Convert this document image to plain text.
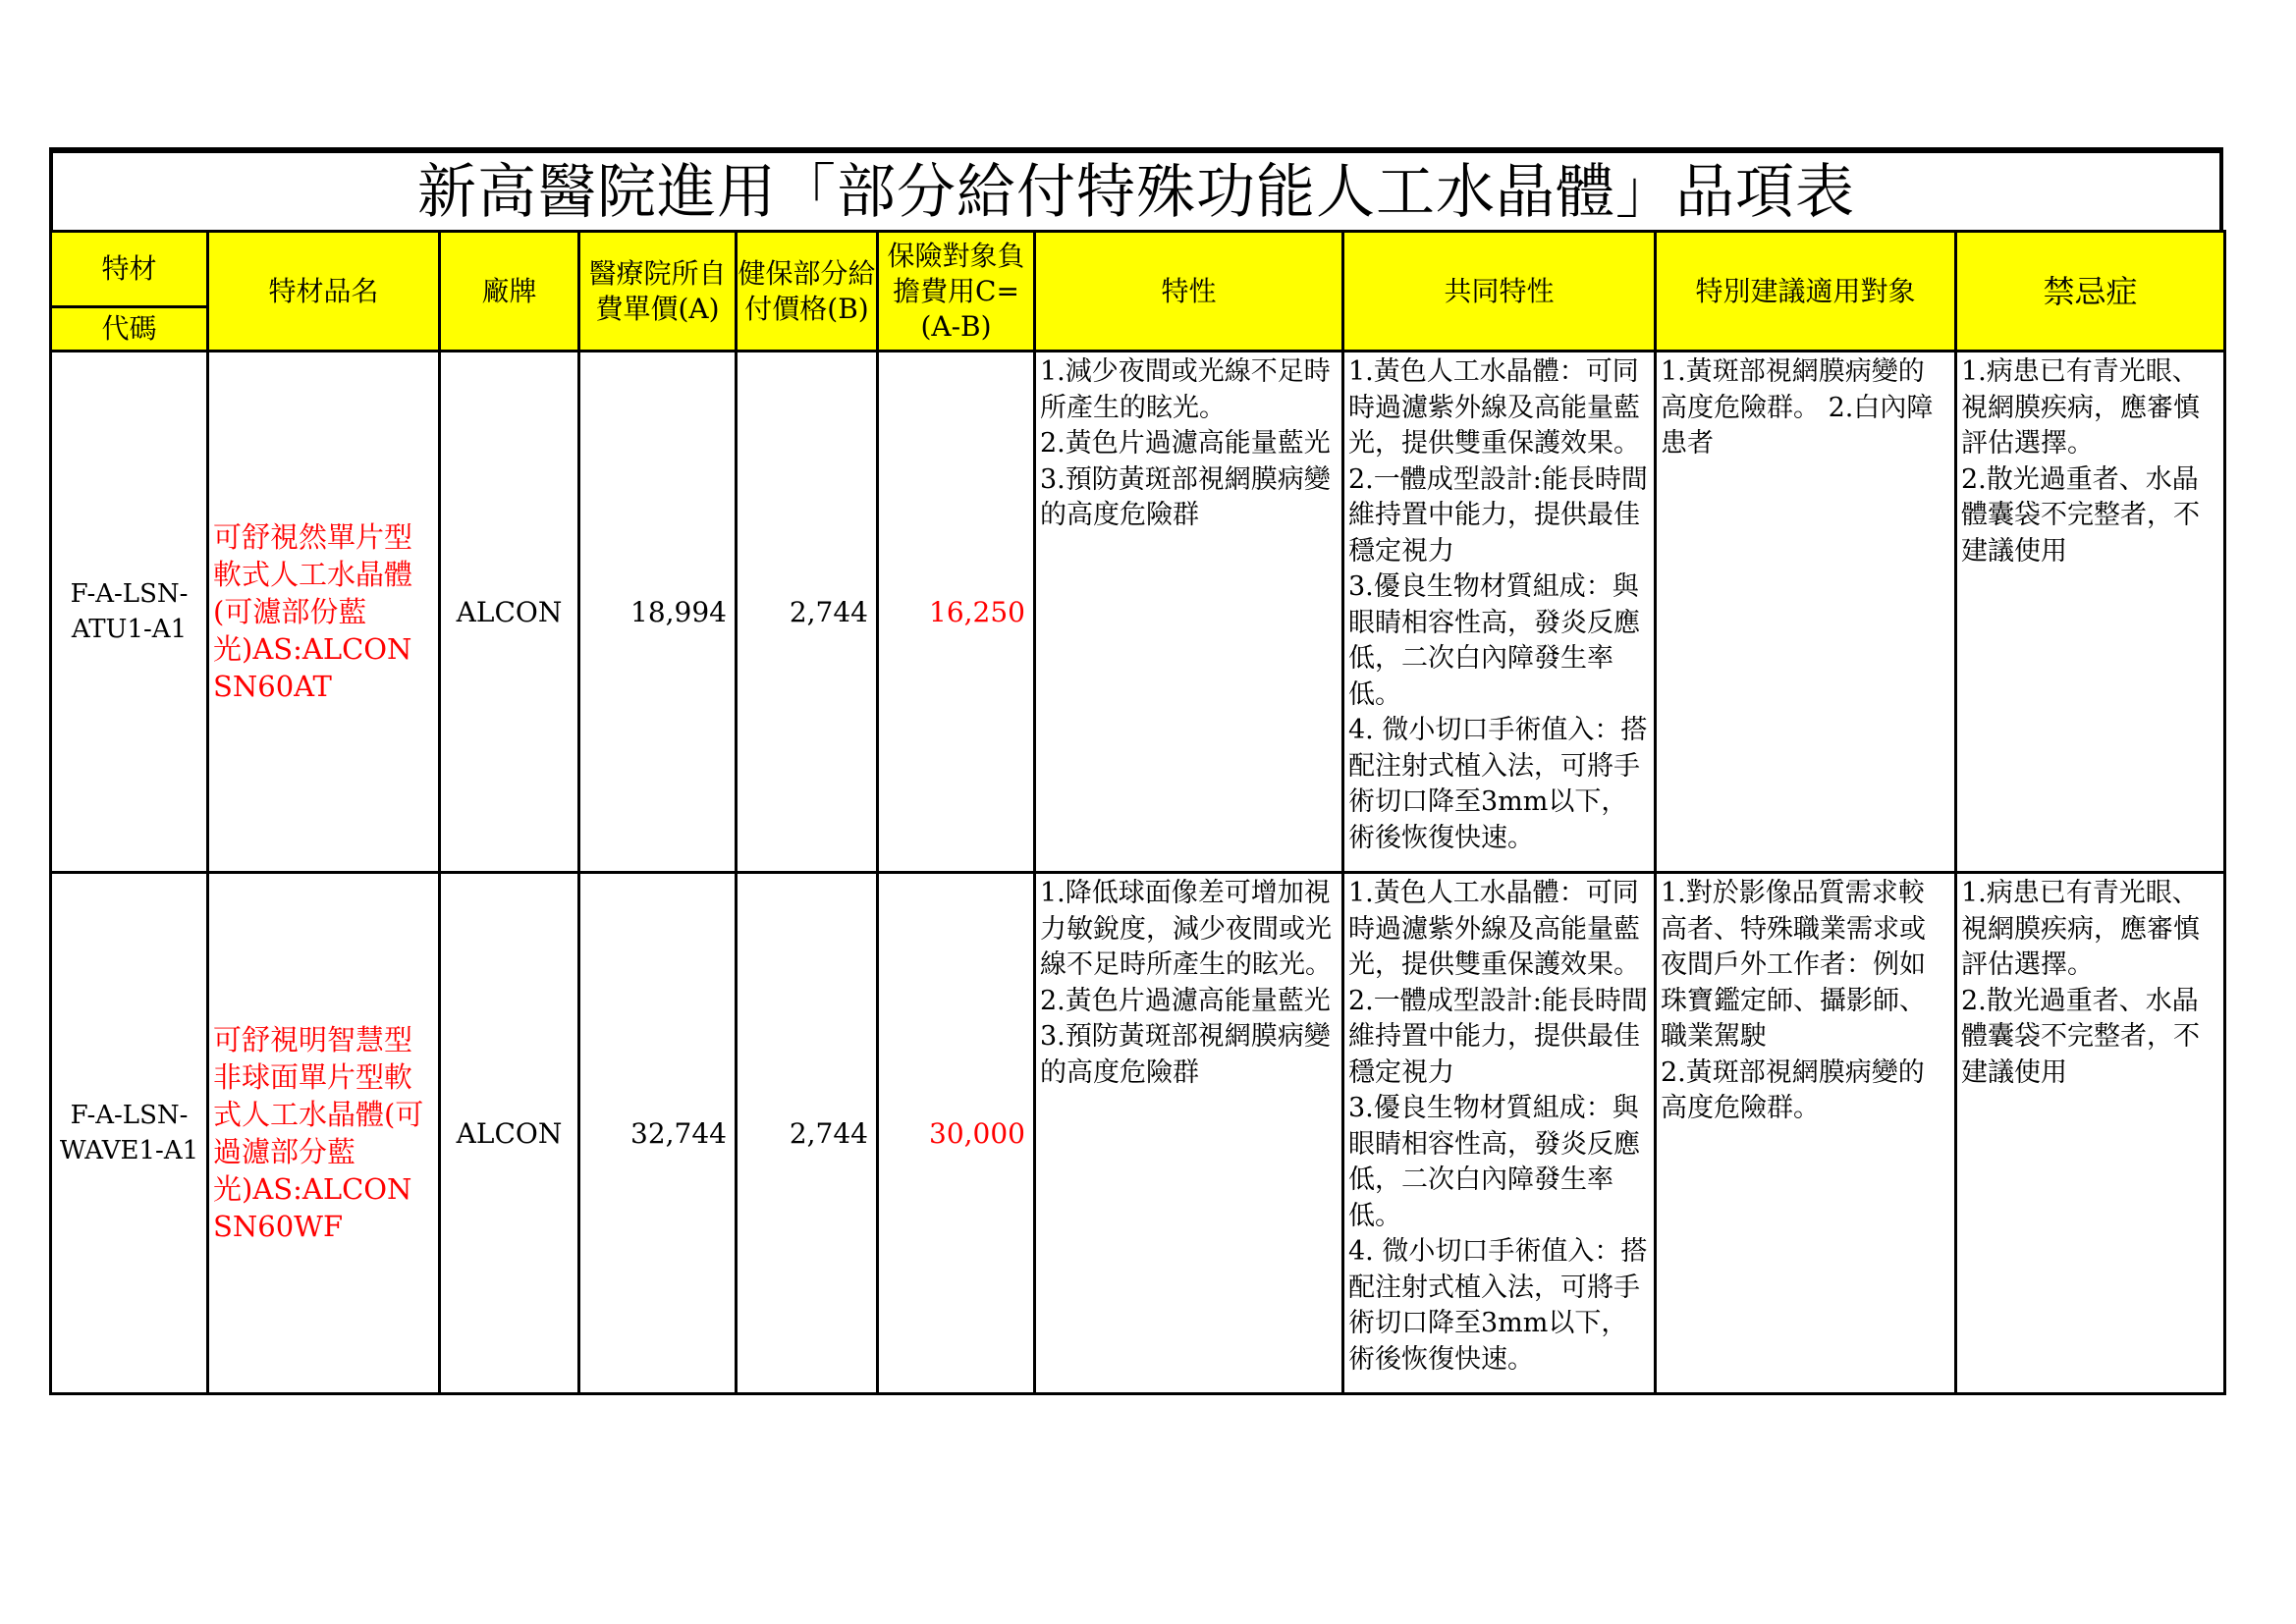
新高醫院進用「部分給付特殊功能人工水晶體」品項表
特材
代碼	特材品名	廠牌	醫療院所自費單價(A)	健保部分給付價格(B)	保險對象負擔費用C=(A-B)	特性	共同特性	特別建議適用對象	禁忌症
F-A-LSN-ATU1-A1	可舒視然單片型軟式人工水晶體(可濾部份藍光)AS:ALCON SN60AT	ALCON	18,994	2,744	16,250	1.減少夜間或光線不足時所產生的眩光。
2.黃色片過濾高能量藍光
3.預防黃斑部視網膜病變的高度危險群	1.黃色人工水晶體：可同時過濾紫外線及高能量藍光，提供雙重保護效果。
2.一體成型設計:能長時間維持置中能力，提供最佳穩定視力
3.優良生物材質組成：與眼睛相容性高，發炎反應低，二次白內障發生率低。
4. 微小切口手術值入：搭配注射式植入法，可將手術切口降至3mm以下，術後恢復快速。	1.黃斑部視網膜病變的高度危險群。 2.白內障患者	1.病患已有青光眼、視網膜疾病，應審慎評估選擇。
2.散光過重者、水晶體囊袋不完整者，不建議使用
F-A-LSN-WAVE1-A1	可舒視明智慧型非球面單片型軟式人工水晶體(可過濾部分藍光)AS:ALCON SN60WF	ALCON	32,744	2,744	30,000	1.降低球面像差可增加視力敏銳度，減少夜間或光線不足時所產生的眩光。
2.黃色片過濾高能量藍光
3.預防黃斑部視網膜病變的高度危險群	1.黃色人工水晶體：可同時過濾紫外線及高能量藍光，提供雙重保護效果。
2.一體成型設計:能長時間維持置中能力，提供最佳穩定視力
3.優良生物材質組成：與眼睛相容性高，發炎反應低，二次白內障發生率低。
4. 微小切口手術值入：搭配注射式植入法，可將手術切口降至3mm以下，術後恢復快速。	1.對於影像品質需求較高者、特殊職業需求或夜間戶外工作者：例如珠寶鑑定師、攝影師、職業駕駛
2.黃斑部視網膜病變的高度危險群。	1.病患已有青光眼、視網膜疾病，應審慎評估選擇。
2.散光過重者、水晶體囊袋不完整者，不建議使用
